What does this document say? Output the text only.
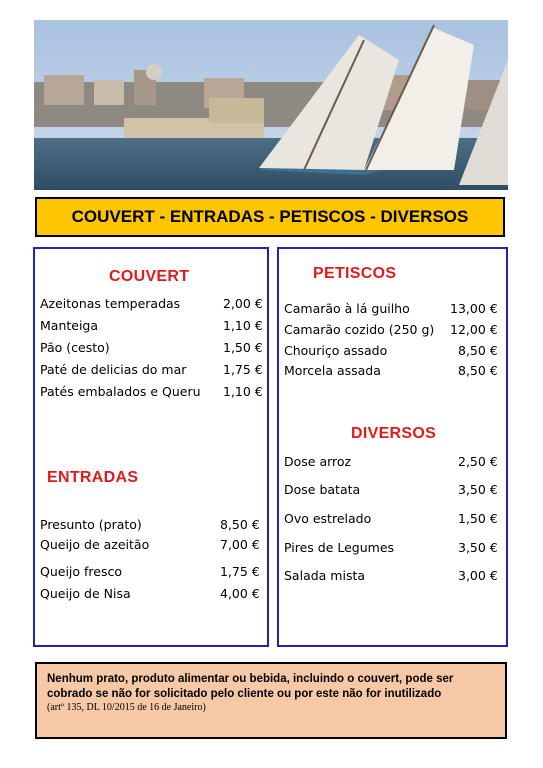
COUVERT - ENTRADAS - PETISCOS - DIVERSOS
COUVERT
Azeitonas temperadas	2,00 €
Manteiga	1,10 €
Pão (cesto)	1,50 €
Paté de delicias do mar	1,75 €
Patés embalados e Queru 1,10 €
ENTRADAS
Presunto (prato)	8,50 €
Queijo de azeitão	7,00 €
Queijo fresco	1,75 €
Queijo de Nisa	4,00 €
PETISCOS
Camarão à lá guilho	13,00 €
Camarão cozido (250 g) 12,00 €
Chouriço assado	8,50 €
Morcela assada	8,50 €
DIVERSOS
Dose arroz	2,50 €
Dose batata	3,50 €
Ovo estrelado	1,50 €
Pires de Legumes	3,50 €
Salada mista	3,00 €
Nenhum prato, produto alimentar ou bebida, incluindo o couvert, pode ser cobrado se não for solicitado pelo cliente ou por este não for inutilizado
(artº 135, DL 10/2015 de 16 de Janeiro)
